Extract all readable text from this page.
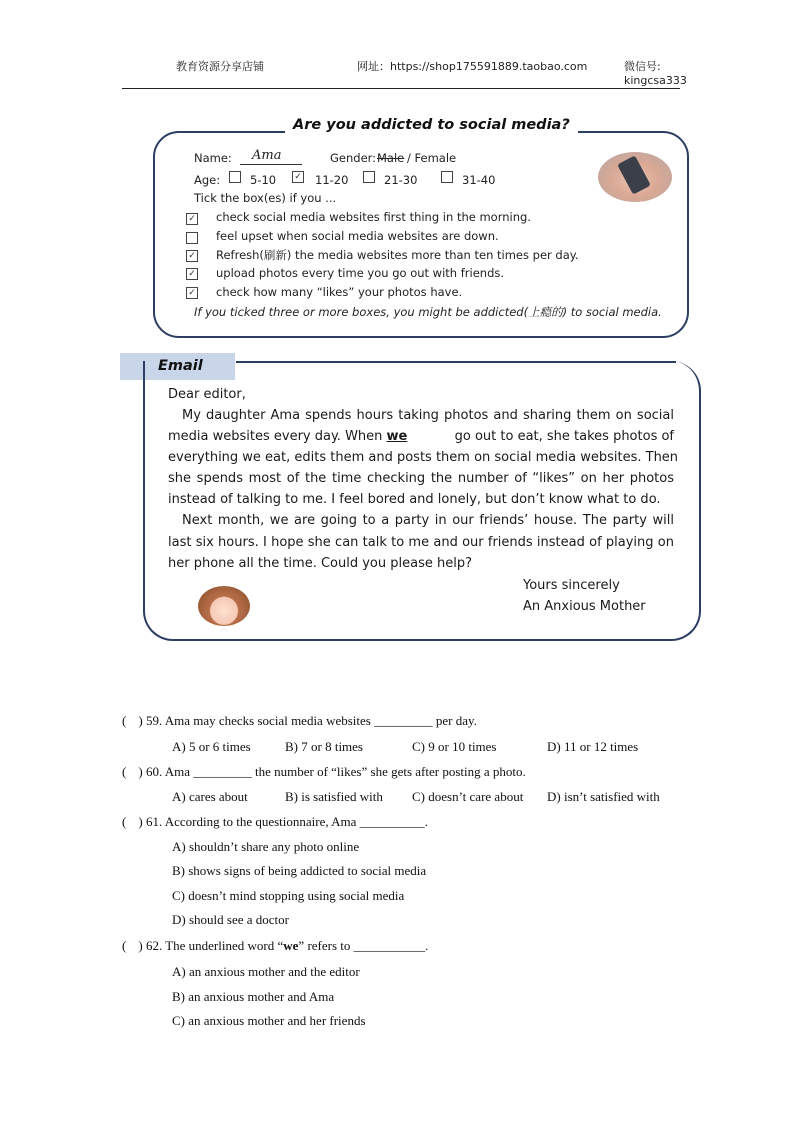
教育资源分享店铺	网址：https://shop175591889.taobao.com	微信号:
kingcsa333
Are you addicted to social media?
Name:	Ama	Gender: Male / Female
Age:	5-10 ✓ 11-20	21-30	31-40
Tick the box(es) if you ...
✓ check social media websites first thing in the morning.
feel upset when social media websites are down.
✓ Refresh(刷新) the media websites more than ten times per day.
✓ upload photos every time you go out with friends.
✓ check how many “likes” your photos have.
If you ticked three or more boxes, you might be addicted(上瘾的) to social media.
Email
Dear editor,
My daughter Ama spends hours taking photos and sharing them on social
media websites every day. When we	go out to eat, she takes photos of
everything we eat, edits them and posts them on social media websites. Then
she spends most of the time checking the number of “likes” on her photos
instead of talking to me. I feel bored and lonely, but don’t know what to do.
Next month, we are going to a party in our friends’ house. The party will
last six hours. I hope she can talk to me and our friends instead of playing on
her phone all the time. Could you please help?
Yours sincerely
An Anxious Mother
( ) 59. Ama may checks social media websites _________ per day.
A) 5 or 6 times	B) 7 or 8 times	C) 9 or 10 times	D) 11 or 12 times
( ) 60. Ama _________ the number of “likes” she gets after posting a photo.
A) cares about	B) is satisfied with C) doesn’t care about D) isn’t satisfied with
( ) 61. According to the questionnaire, Ama __________.
A) shouldn’t share any photo online
B) shows signs of being addicted to social media
C) doesn’t mind stopping using social media
D) should see a doctor
( ) 62. The underlined word “we” refers to ___________.
A) an anxious mother and the editor
B) an anxious mother and Ama
C) an anxious mother and her friends
